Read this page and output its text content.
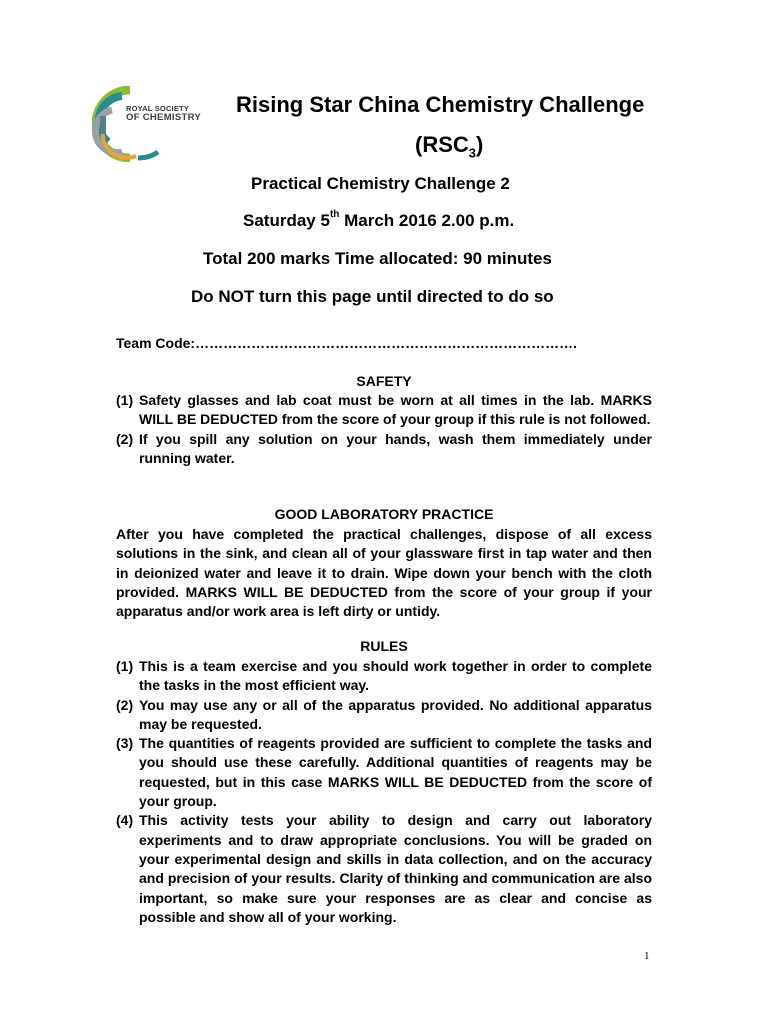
ROYAL SOCIETY
OF CHEMISTRY
Rising Star China Chemistry Challenge
$(RSC_3)$
Practical Chemistry Challenge 2
Saturday 5th March 2016 2.00 p.m.
Total 200 marks Time allocated: 90 minutes
Do NOT turn this page until directed to do so
Team Code:……………………………………………………………………….
SAFETY
(1) Safety glasses and lab coat must be worn at all times in the lab. MARKS WILL BE DEDUCTED from the score of your group if this rule is not followed.
(2) If you spill any solution on your hands, wash them immediately under running water.
GOOD LABORATORY PRACTICE
After you have completed the practical challenges, dispose of all excess solutions in the sink, and clean all of your glassware first in tap water and then in deionized water and leave it to drain. Wipe down your bench with the cloth provided. MARKS WILL BE DEDUCTED from the score of your group if your apparatus and/or work area is left dirty or untidy.
RULES
(1) This is a team exercise and you should work together in order to complete the tasks in the most efficient way.
(2) You may use any or all of the apparatus provided. No additional apparatus may be requested.
(3) The quantities of reagents provided are sufficient to complete the tasks and you should use these carefully. Additional quantities of reagents may be requested, but in this case MARKS WILL BE DEDUCTED from the score of your group.
(4) This activity tests your ability to design and carry out laboratory experiments and to draw appropriate conclusions. You will be graded on your experimental design and skills in data collection, and on the accuracy and precision of your results. Clarity of thinking and communication are also important, so make sure your responses are as clear and concise as possible and show all of your working.
1
